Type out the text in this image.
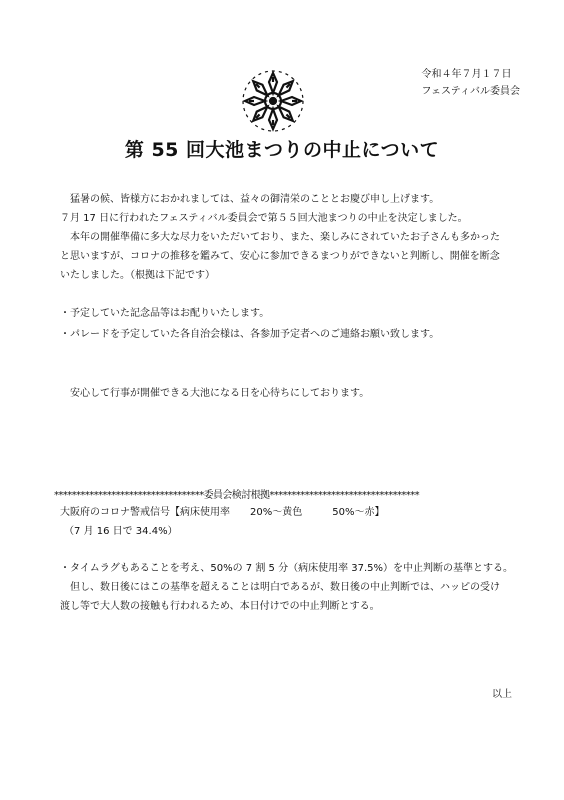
令和４年７月１７日
フェスティバル委員会
第 55 回大池まつりの中止について
猛暑の候、皆様方におかれましては、益々の御清栄のこととお慶び申し上げます。
７月 17 日に行われたフェスティバル委員会で第５５回大池まつりの中止を決定しました。
本年の開催準備に多大な尽力をいただいており、また、楽しみにされていたお子さんも多かった
と思いますが、コロナの推移を鑑みて、安心に参加できるまつりができないと判断し、開催を断念
いたしました。（根拠は下記です）
・予定していた記念品等はお配りいたします。
・パレードを予定していた各自治会様は、各参加予定者へのご連絡お願い致します。
安心して行事が開催できる大池になる日を心待ちにしております。
**********************************委員会検討根拠**********************************
大阪府のコロナ警戒信号【病床使用率　　20%～黄色　　　50%～赤】
（7 月 16 日で 34.4%）
・タイムラグもあることを考え、50%の 7 割 5 分（病床使用率 37.5%）を中止判断の基準とする。
但し、数日後にはこの基準を超えることは明白であるが、数日後の中止判断では、ハッピの受け
渡し等で大人数の接触も行われるため、本日付けでの中止判断とする。
以上
